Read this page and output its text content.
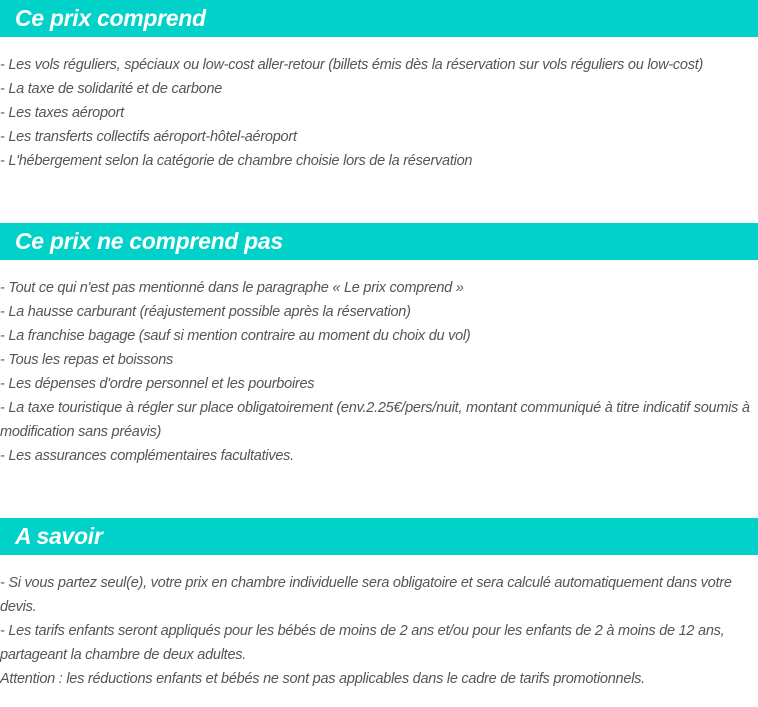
Ce prix comprend
- Les vols réguliers, spéciaux ou low-cost aller-retour (billets émis dès la réservation sur vols réguliers ou low-cost)
- La taxe de solidarité et de carbone
- Les taxes aéroport
- Les transferts collectifs aéroport-hôtel-aéroport
- L'hébergement selon la catégorie de chambre choisie lors de la réservation
Ce prix ne comprend pas
- Tout ce qui n'est pas mentionné dans le paragraphe « Le prix comprend »
- La hausse carburant (réajustement possible après la réservation)
- La franchise bagage (sauf si mention contraire au moment du choix du vol)
- Tous les repas et boissons
- Les dépenses d'ordre personnel et les pourboires
- La taxe touristique à régler sur place obligatoirement (env.2.25€/pers/nuit, montant communiqué à titre indicatif soumis à modification sans préavis)
- Les assurances complémentaires facultatives.
A savoir
- Si vous partez seul(e), votre prix en chambre individuelle sera obligatoire et sera calculé automatiquement dans votre devis.
- Les tarifs enfants seront appliqués pour les bébés de moins de 2 ans et/ou pour les enfants de 2 à moins de 12 ans, partageant la chambre de deux adultes.
Attention : les réductions enfants et bébés ne sont pas applicables dans le cadre de tarifs promotionnels.
